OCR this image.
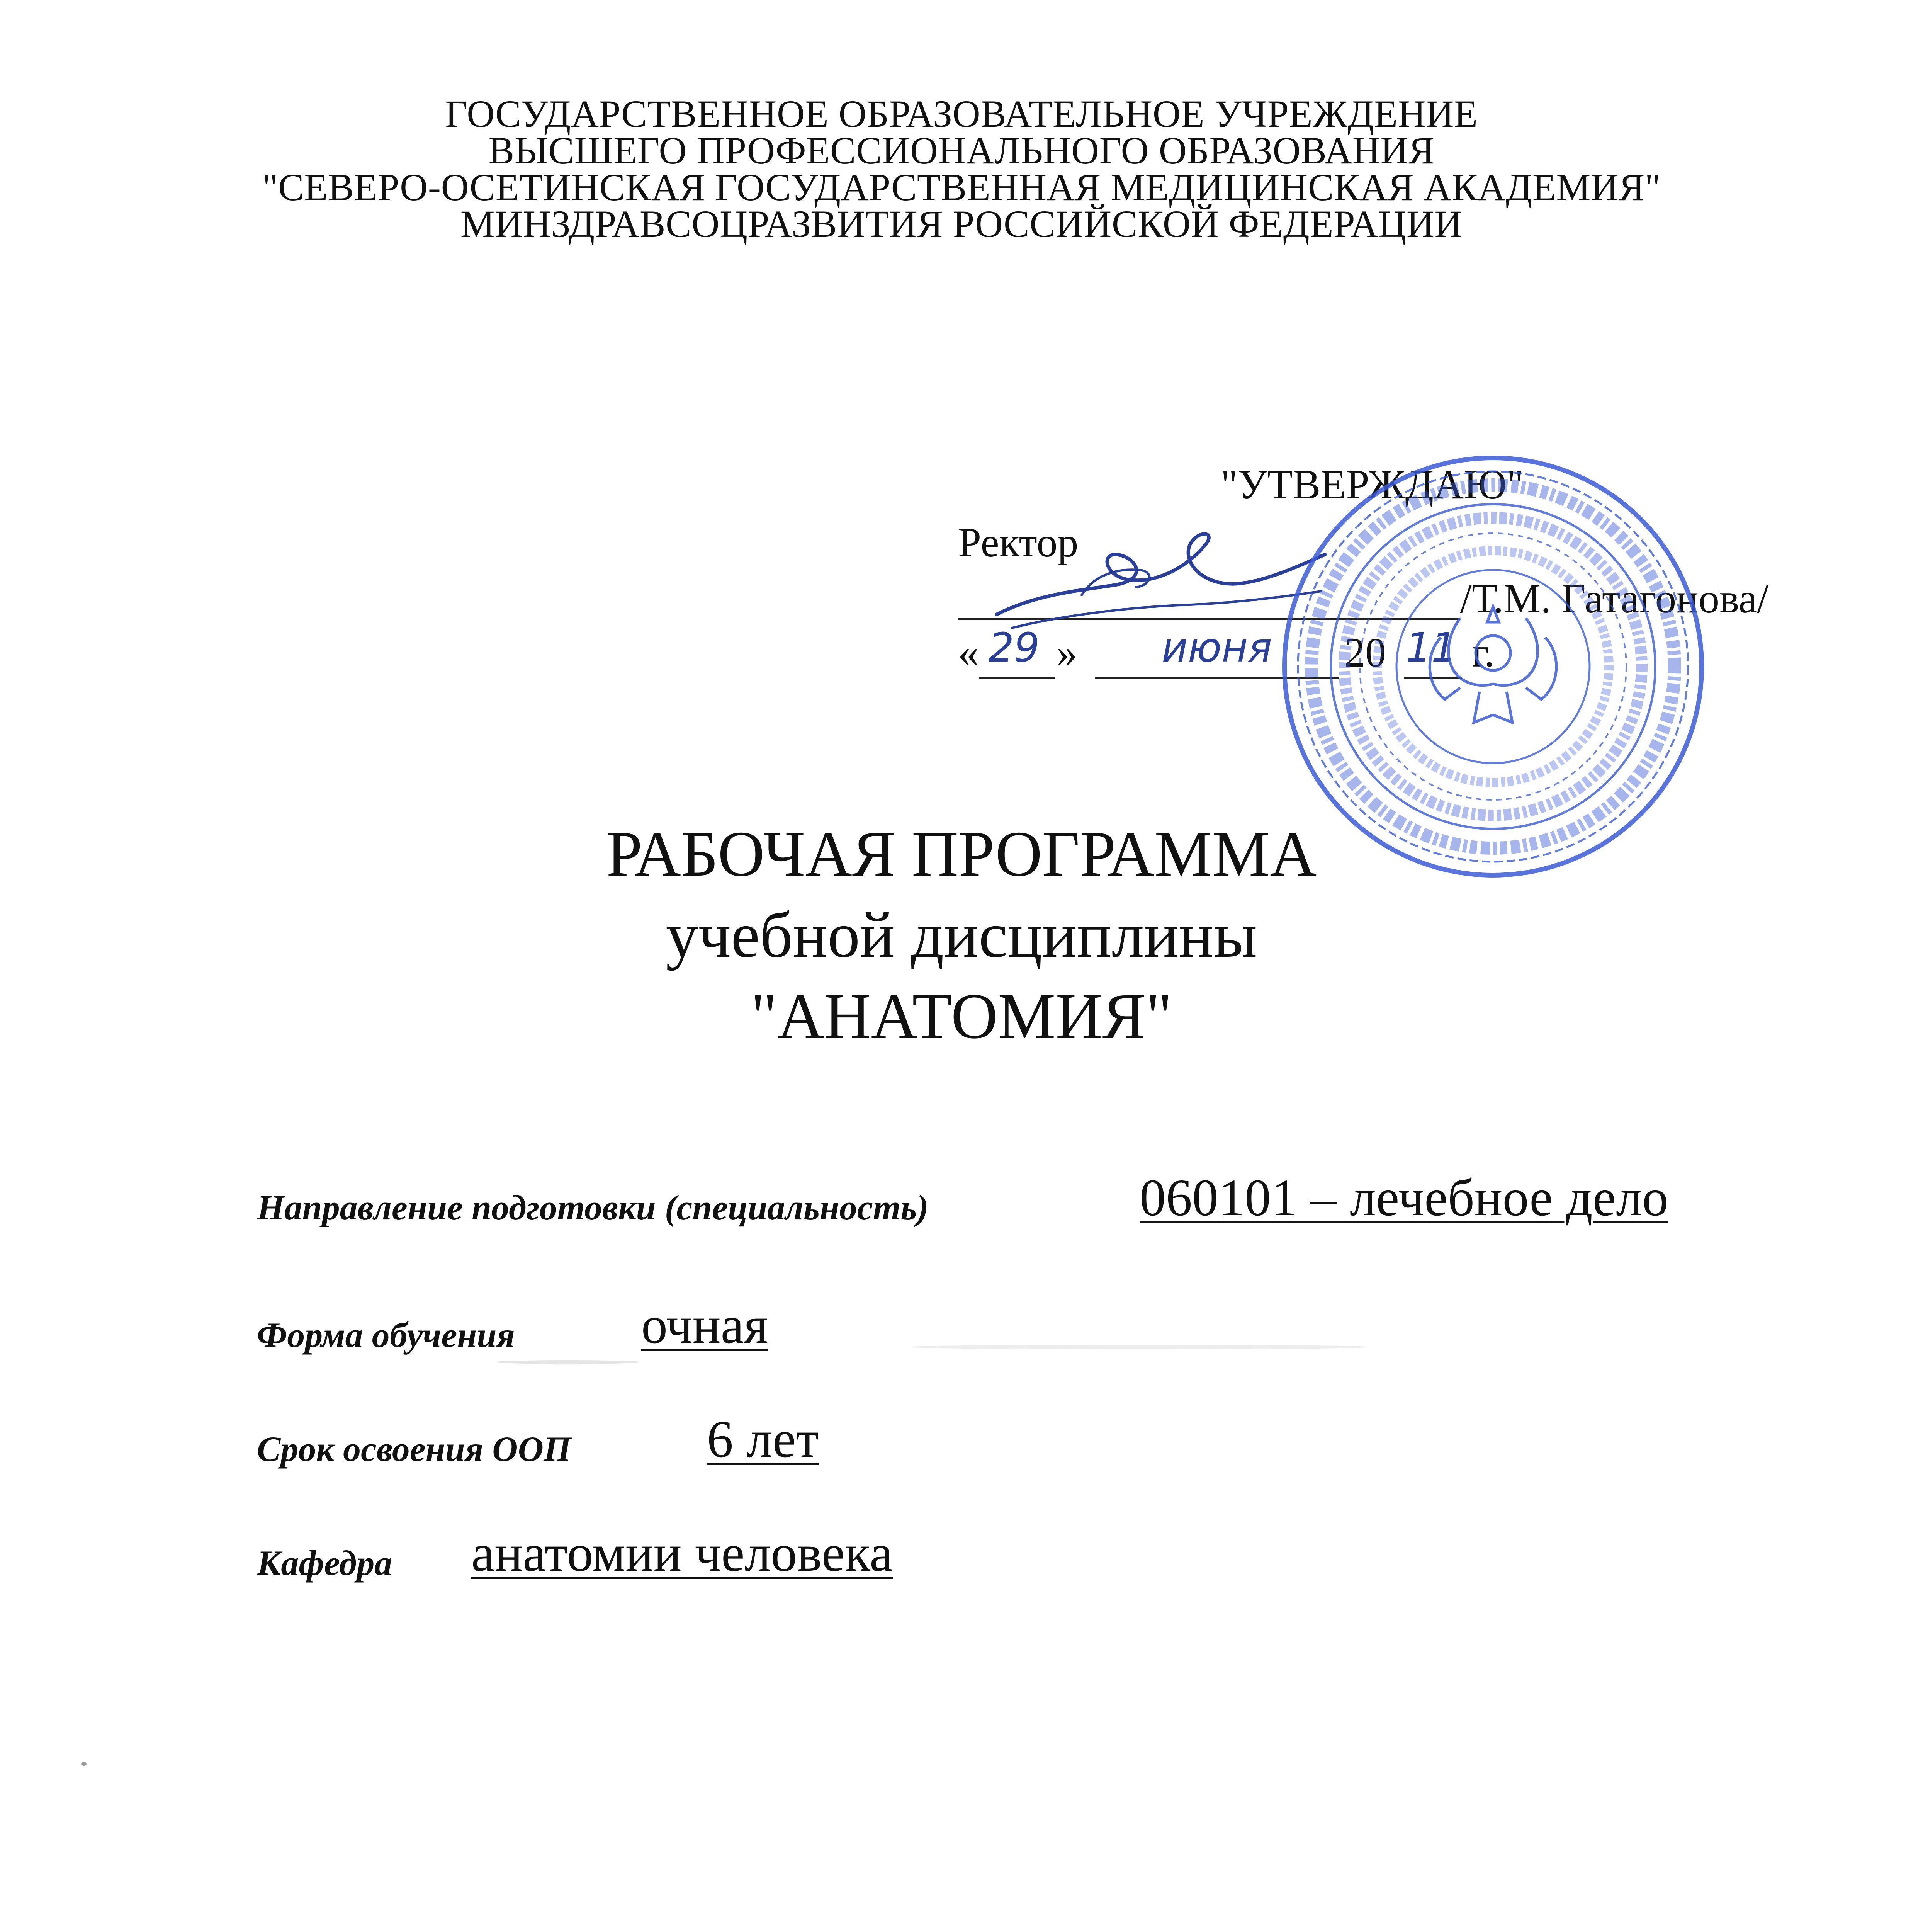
ГОСУДАРСТВЕННОЕ ОБРАЗОВАТЕЛЬНОЕ УЧРЕЖДЕНИЕ
ВЫСШЕГО ПРОФЕССИОНАЛЬНОГО ОБРАЗОВАНИЯ
"СЕВЕРО-ОСЕТИНСКАЯ ГОСУДАРСТВЕННАЯ МЕДИЦИНСКАЯ АКАДЕМИЯ"
МИНЗДРАВСОЦРАЗВИТИЯ РОССИЙСКОЙ ФЕДЕРАЦИИ
"УТВЕРЖДАЮ"
Ректор
/Т.М. Гатагонова/
« 29 »	июня	20 11 г.
РАБОЧАЯ ПРОГРАММА
учебной дисциплины
"АНАТОМИЯ"
Направление подготовки (специальность)	060101 – лечебное дело
Форма обучения очная
Срок освоения ООП	6 лет
Кафедра анатомии человека
